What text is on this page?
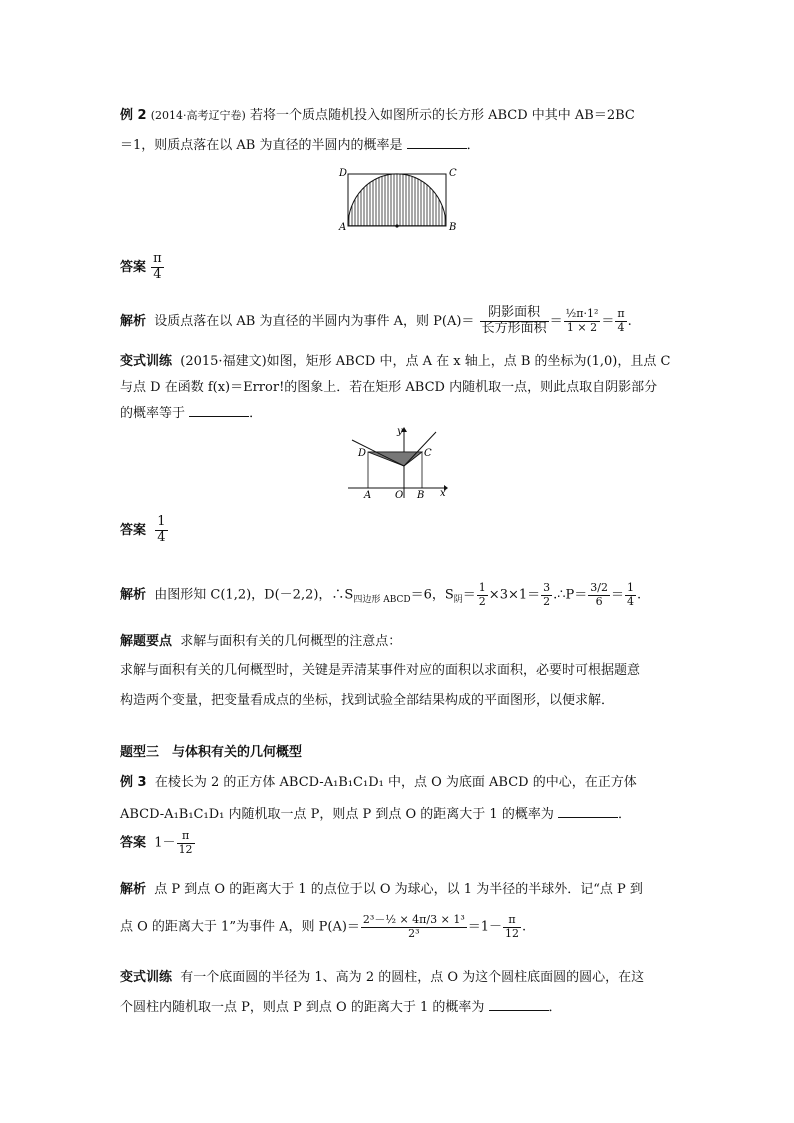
例 2 (2014·高考辽宁卷) 若将一个质点随机投入如图所示的长方形 ABCD 中其中 AB＝2BC
＝1，则质点落在以 AB 为直径的半圆内的概率是	．
D	C
A	B
答案 $\frac{\pi}{4}$
解析 设质点落在以 AB 为直径的半圆内为事件 A，则 $P(A)= \frac{\text{阴影面积}}{\text{长方形面积}} = \frac{\text{½π·1²}}{1 \times 2} = \frac{\pi}{4}$ .
变式训练 (2015·福建文)如图，矩形 ABCD 中，点 A 在 x 轴上，点 B 的坐标为(1,0)，且点 C
与点 D 在函数 f(x)＝Error!的图象上．若在矩形 ABCD 内随机取一点，则此点取自阴影部分
的概率等于	．
y
D	C
A O B x
答案 $\frac{1}{4}$
解析 由图形知 C(1,2)，D(－2,2)，$\therefore S_{四边形 ABCD}=6$，$S_阴= \frac{1}{2} \times 3\times 1= \frac{3}{2}$ .∴P＝ $\frac{3/2}{6} = \frac{1}{4}$ .
解题要点 求解与面积有关的几何概型的注意点：
求解与面积有关的几何概型时，关键是弄清某事件对应的面积以求面积，必要时可根据题意
构造两个变量，把变量看成点的坐标，找到试验全部结果构成的平面图形，以便求解．
题型三　与体积有关的几何概型
例 3 在棱长为 2 的正方体 ABCD-A₁B₁C₁D₁ 中，点 O 为底面 ABCD 的中心，在正方体
ABCD-A₁B₁C₁D₁ 内随机取一点 P，则点 P 到点 O 的距离大于 1 的概率为	．
答案 $1- \frac{\pi}{12}$
解析 点 P 到点 O 的距离大于 1 的点位于以 O 为球心，以 1 为半径的半球外．记“点 P 到
点 O 的距离大于 1”为事件 A，则 $P(A)= \frac{\text{2³－½ × 4π/3 × 1³}}{\text{2³}} =1- \frac{\pi}{12}$ .
变式训练 有一个底面圆的半径为 1、高为 2 的圆柱，点 O 为这个圆柱底面圆的圆心，在这
个圆柱内随机取一点 P，则点 P 到点 O 的距离大于 1 的概率为	．
